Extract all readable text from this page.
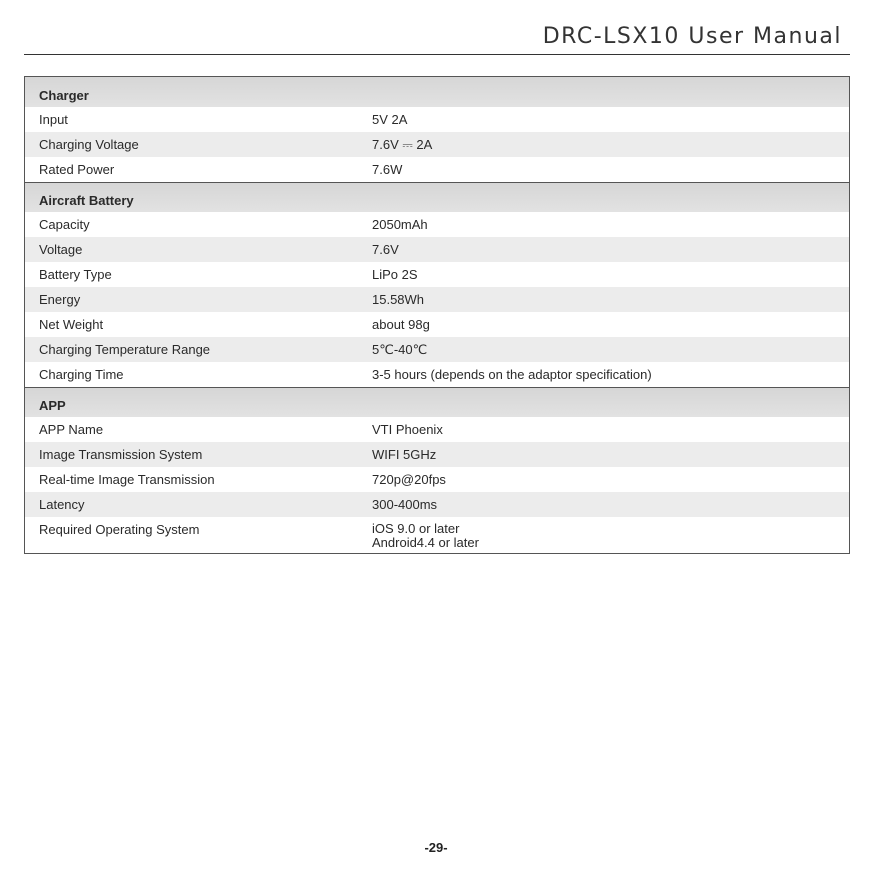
DRC-LSX10 User Manual
Charger
Input	5V 2A
Charging Voltage	7.6V ⎓ 2A
Rated Power	7.6W
Aircraft Battery
Capacity	2050mAh
Voltage	7.6V
Battery Type	LiPo 2S
Energy	15.58Wh
Net Weight	about 98g
Charging Temperature Range	5℃-40℃
Charging Time	3-5 hours (depends on the adaptor specification)
APP
APP Name	VTI Phoenix
Image Transmission System	WIFI 5GHz
Real-time Image Transmission	720p@20fps
Latency	300-400ms
Required Operating System	iOS 9.0 or later
Android4.4 or later
-29-
